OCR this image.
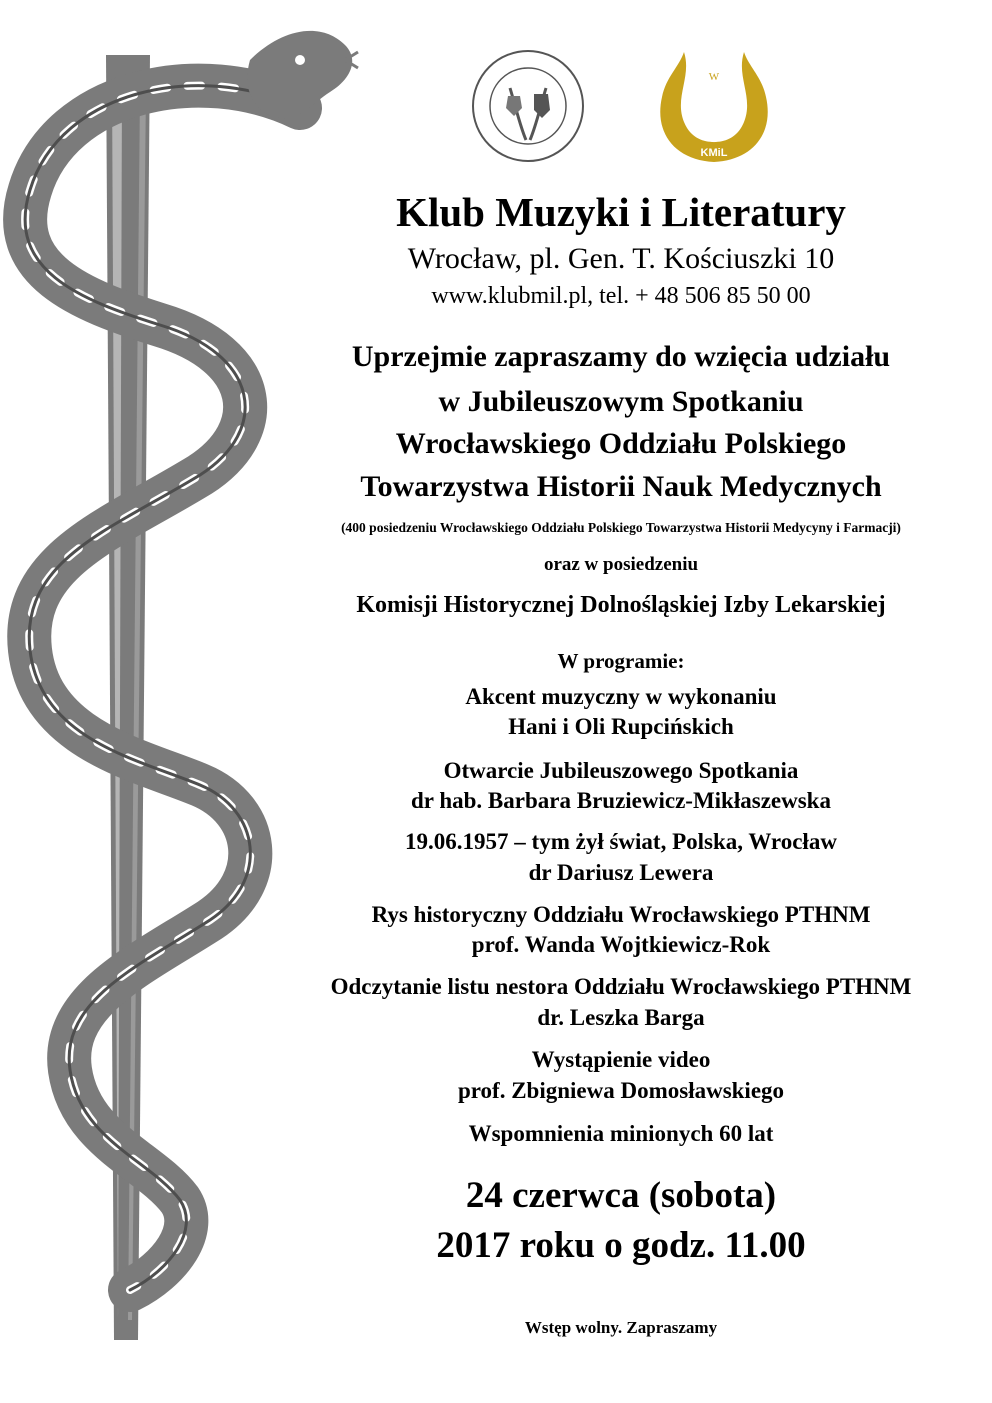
W
KMiL
Klub Muzyki i Literatury
Wrocław, pl. Gen. T. Kościuszki 10
www.klubmil.pl, tel. + 48 506 85 50 00
Uprzejmie zapraszamy do wzięcia udziału
w Jubileuszowym Spotkaniu
Wrocławskiego Oddziału Polskiego
Towarzystwa Historii Nauk Medycznych
(400 posiedzeniu Wrocławskiego Oddziału Polskiego Towarzystwa Historii Medycyny i Farmacji)
oraz w posiedzeniu
Komisji Historycznej Dolnośląskiej Izby Lekarskiej
W programie:
Akcent muzyczny w wykonaniu
Hani i Oli Rupcińskich
Otwarcie Jubileuszowego Spotkania
dr hab. Barbara Bruziewicz-Mikłaszewska
19.06.1957 – tym żył świat, Polska, Wrocław
dr Dariusz Lewera
Rys historyczny Oddziału Wrocławskiego PTHNM
prof. Wanda Wojtkiewicz-Rok
Odczytanie listu nestora Oddziału Wrocławskiego PTHNM
dr. Leszka Barga
Wystąpienie video
prof. Zbigniewa Domosławskiego
Wspomnienia minionych 60 lat
24 czerwca (sobota)
2017 roku o godz. 11.00
Wstęp wolny. Zapraszamy
